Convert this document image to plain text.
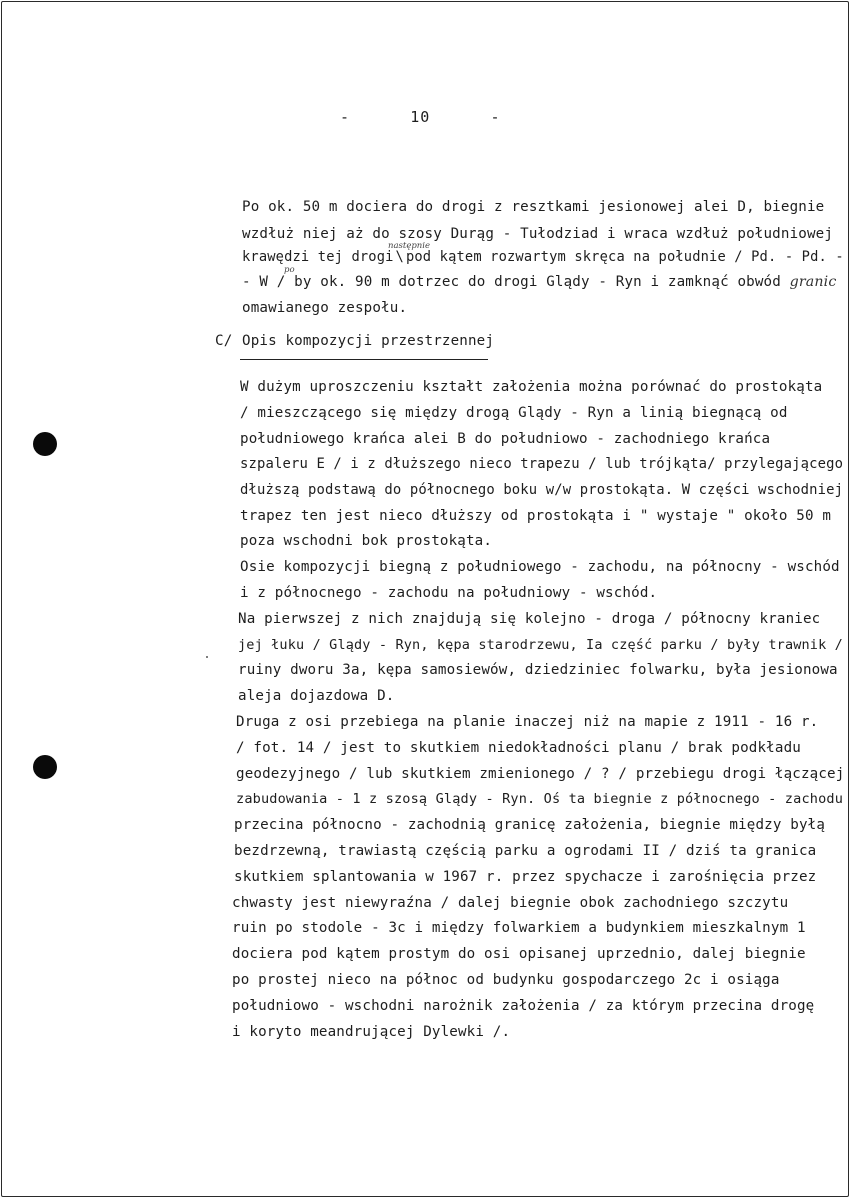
-      10      -
Po ok. 50 m dociera do drogi z resztkami jesionowej alei D, biegnie
wzdłuż niej aż do szosy Durąg - Tułodziad i wraca wzdłuż południowej
następnie
krawędzi tej drogi \ pod kątem rozwartym skręca na południe / Pd. - Pd. -
po
- W / by ok. 90 m dotrzec do drogi Glądy - Ryn i zamknąć obwód granic
omawianego zespołu.
C/ Opis kompozycji przestrzennej
W dużym uproszczeniu kształt założenia można porównać do prostokąta
/ mieszczącego się między drogą Glądy - Ryn a linią biegnącą od
południowego krańca alei B do południowo - zachodniego krańca
szpaleru E / i z dłuższego nieco trapezu / lub trójkąta/ przylegającego
dłuższą podstawą do północnego boku w/w prostokąta. W części wschodniej
trapez ten jest nieco dłuższy od prostokąta i " wystaje " około 50 m
poza wschodni bok prostokąta.
Osie kompozycji biegną z południowego - zachodu, na północny - wschód
i z północnego - zachodu na południowy - wschód.
Na pierwszej z nich znajdują się kolejno - droga / północny kraniec
jej łuku / Glądy - Ryn, kępa starodrzewu, Ia część parku / były trawnik /
ruiny dworu 3a, kępa samosiewów, dziedziniec folwarku, była jesionowa
aleja dojazdowa D.
Druga z osi przebiega na planie inaczej niż na mapie z 1911 - 16 r.
/ fot. 14 / jest to skutkiem niedokładności planu / brak podkładu
geodezyjnego / lub skutkiem zmienionego / ? / przebiegu drogi łączącej
zabudowania - 1 z szosą Glądy - Ryn. Oś ta biegnie z północnego - zachodu
przecina północno - zachodnią granicę założenia, biegnie między byłą
bezdrzewną, trawiastą częścią parku a ogrodami II / dziś ta granica
skutkiem splantowania w 1967 r. przez spychacze i zarośnięcia przez
chwasty jest niewyraźna / dalej biegnie obok zachodniego szczytu
ruin po stodole - 3c i między folwarkiem a budynkiem mieszkalnym 1
dociera pod kątem prostym do osi opisanej uprzednio, dalej biegnie
po prostej nieco na północ od budynku gospodarczego 2c i osiąga
południowo - wschodni narożnik założenia / za którym przecina drogę
i koryto meandrującej Dylewki /.
